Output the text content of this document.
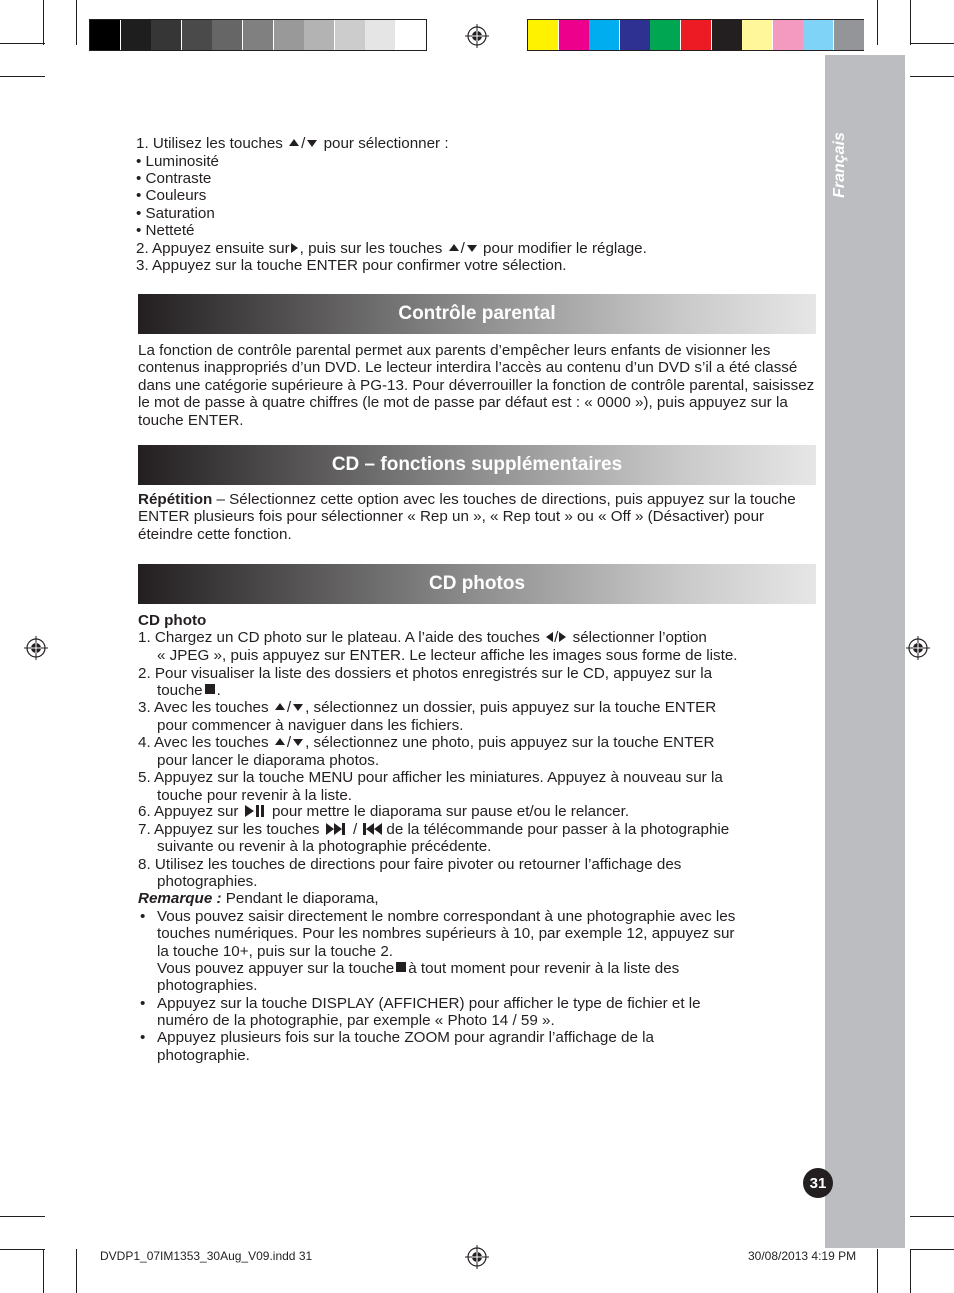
Français
1. Utilisez les touches / pour sélectionner :
• Luminosité
• Contraste
• Couleurs
• Saturation
• Netteté
2. Appuyez ensuite sur , puis sur les touches / pour modifier le réglage.
3. Appuyez sur la touche ENTER pour confirmer votre sélection.
Contrôle parental
La fonction de contrôle parental permet aux parents d’empêcher leurs enfants de visionner les contenus inappropriés d’un DVD. Le lecteur interdira l’accès au contenu d’un DVD s’il a été classé dans une catégorie supérieure à PG-13. Pour déverrouiller la fonction de contrôle parental, saisissez le mot de passe à quatre chiffres (le mot de passe par défaut est : « 0000 »), puis appuyez sur la touche ENTER.
CD – fonctions supplémentaires
Répétition – Sélectionnez cette option avec les touches de directions, puis appuyez sur la touche ENTER plusieurs fois pour sélectionner « Rep un », « Rep tout » ou « Off » (Désactiver) pour éteindre cette fonction.
CD photos
CD photo
1. Chargez un CD photo sur le plateau. A l’aide des touches / sélectionner l’option
« JPEG », puis appuyez sur ENTER. Le lecteur affiche les images sous forme de liste.
2. Pour visualiser la liste des dossiers et photos enregistrés sur le CD, appuyez sur la
touche .
3. Avec les touches / , sélectionnez un dossier, puis appuyez sur la touche ENTER
pour commencer à naviguer dans les fichiers.
4. Avec les touches / , sélectionnez une photo, puis appuyez sur la touche ENTER
pour lancer le diaporama photos.
5. Appuyez sur la touche MENU pour afficher les miniatures. Appuyez à nouveau sur la
touche pour revenir à la liste.
6. Appuyez sur pour mettre le diaporama sur pause et/ou le relancer.
7. Appuyez sur les touches  / de la télécommande pour passer à la photographie
suivante ou revenir à la photographie précédente.
8. Utilisez les touches de directions pour faire pivoter ou retourner l’affichage des
photographies.
Remarque : Pendant le diaporama,
• Vous pouvez saisir directement le nombre correspondant à une photographie avec les
touches numériques. Pour les nombres supérieurs à 10, par exemple 12, appuyez sur
la touche 10+, puis sur la touche 2.
Vous pouvez appuyer sur la touche à tout moment pour revenir à la liste des
photographies.
• Appuyez sur la touche DISPLAY (AFFICHER) pour afficher le type de fichier et le
numéro de la photographie, par exemple « Photo 14 / 59 ».
• Appuyez plusieurs fois sur la touche ZOOM pour agrandir l’affichage de la
photographie.
31
DVDP1_07IM1353_30Aug_V09.indd 31	30/08/2013 4:19 PM
